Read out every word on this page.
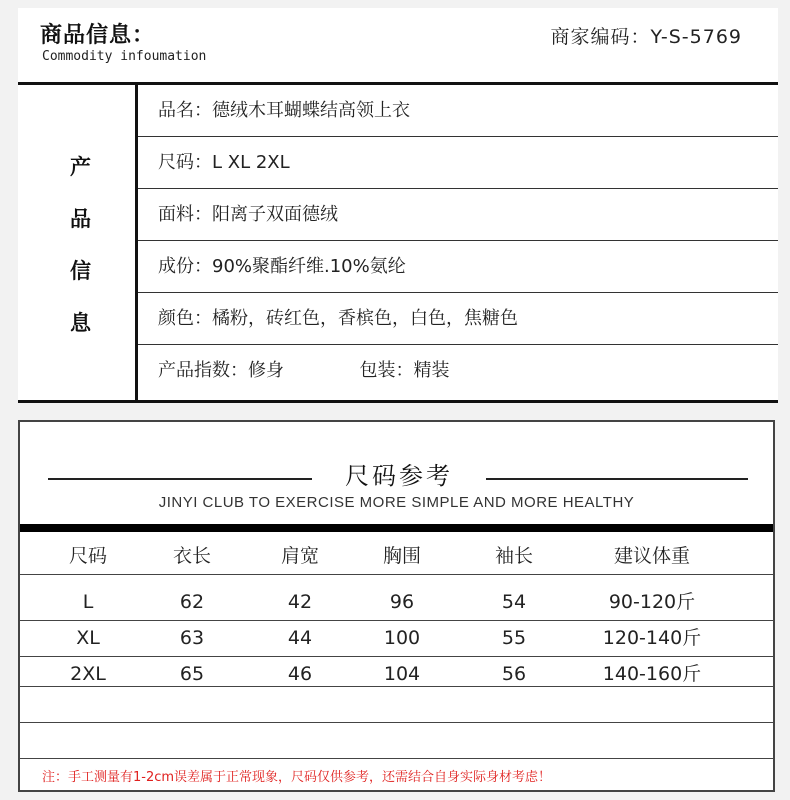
商品信息：
Commodity infoumation
商家编码：Y-S-5769
产
品
信
息
品名：德绒木耳蝴蝶结高领上衣
尺码：L XL 2XL
面料：阳离子双面德绒
成份：90%聚酯纤维.10%氨纶
颜色：橘粉，砖红色，香槟色，白色，焦糖色
产品指数：修身	包装：精装
尺码参考
JINYI CLUB TO EXERCISE MORE SIMPLE AND MORE HEALTHY
尺码	衣长	肩宽	胸围	袖长	建议体重
L	62	42	96	54	90-120斤
XL	63	44	100	55	120-140斤
2XL	65	46	104	56	140-160斤
注：手工测量有1-2cm误差属于正常现象，尺码仅供参考，还需结合自身实际身材考虑！
